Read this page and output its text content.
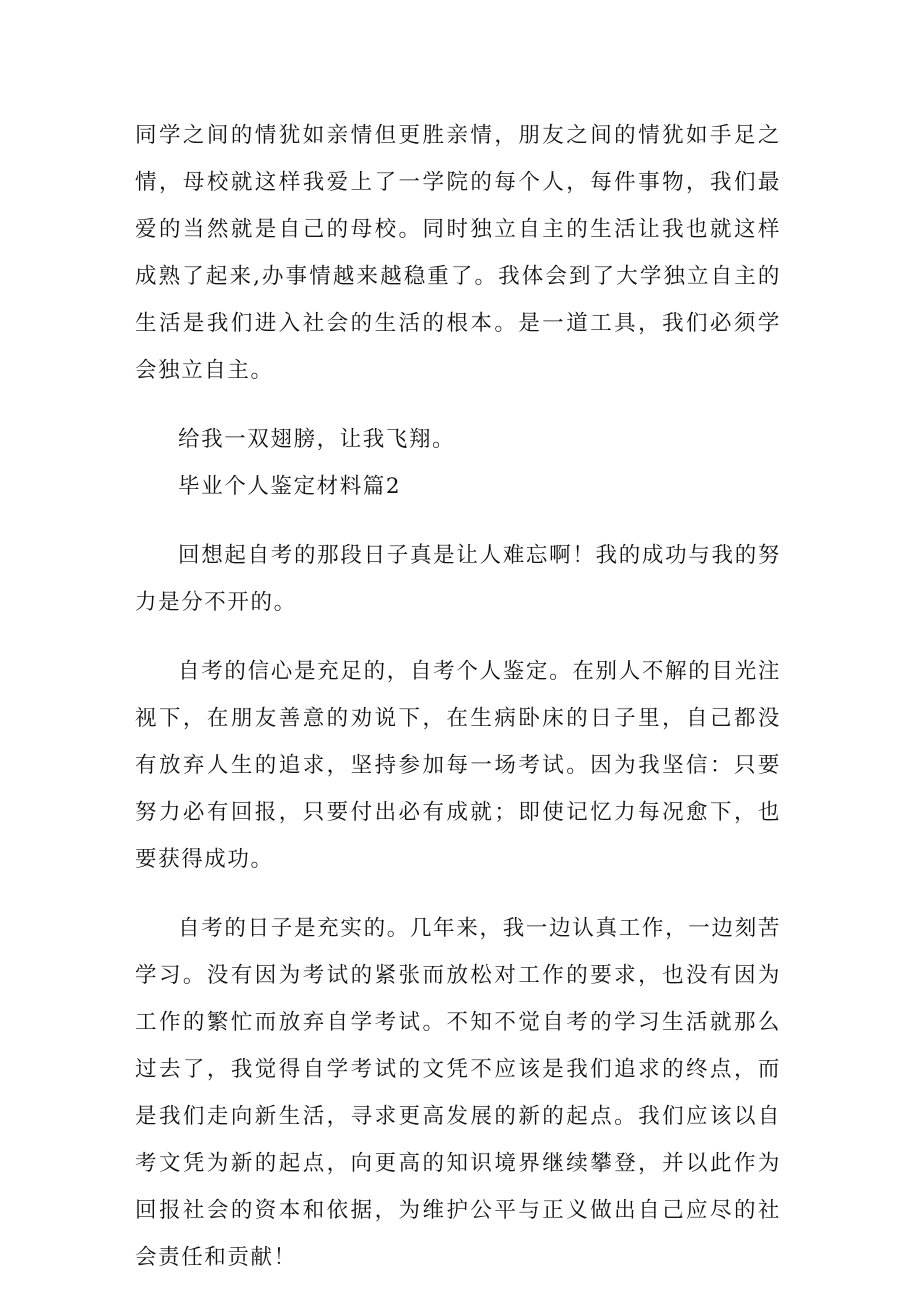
同学之间的情犹如亲情但更胜亲情，朋友之间的情犹如手足之情，母校就这样我爱上了一学院的每个人，每件事物，我们最爱的当然就是自己的母校。同时独立自主的生活让我也就这样成熟了起来,办事情越来越稳重了。我体会到了大学独立自主的生活是我们进入社会的生活的根本。是一道工具，我们必须学会独立自主。

给我一双翅膀，让我飞翔。

毕业个人鉴定材料篇2

回想起自考的那段日子真是让人难忘啊！我的成功与我的努力是分不开的。

自考的信心是充足的，自考个人鉴定。在别人不解的目光注视下，在朋友善意的劝说下，在生病卧床的日子里，自己都没有放弃人生的追求，坚持参加每一场考试。因为我坚信：只要努力必有回报，只要付出必有成就；即使记忆力每况愈下，也要获得成功。

自考的日子是充实的。几年来，我一边认真工作，一边刻苦学习。没有因为考试的紧张而放松对工作的要求，也没有因为工作的繁忙而放弃自学考试。不知不觉自考的学习生活就那么过去了，我觉得自学考试的文凭不应该是我们追求的终点，而是我们走向新生活，寻求更高发展的新的起点。我们应该以自考文凭为新的起点，向更高的知识境界继续攀登，并以此作为回报社会的资本和依据，为维护公平与正义做出自己应尽的社会责任和贡献！
